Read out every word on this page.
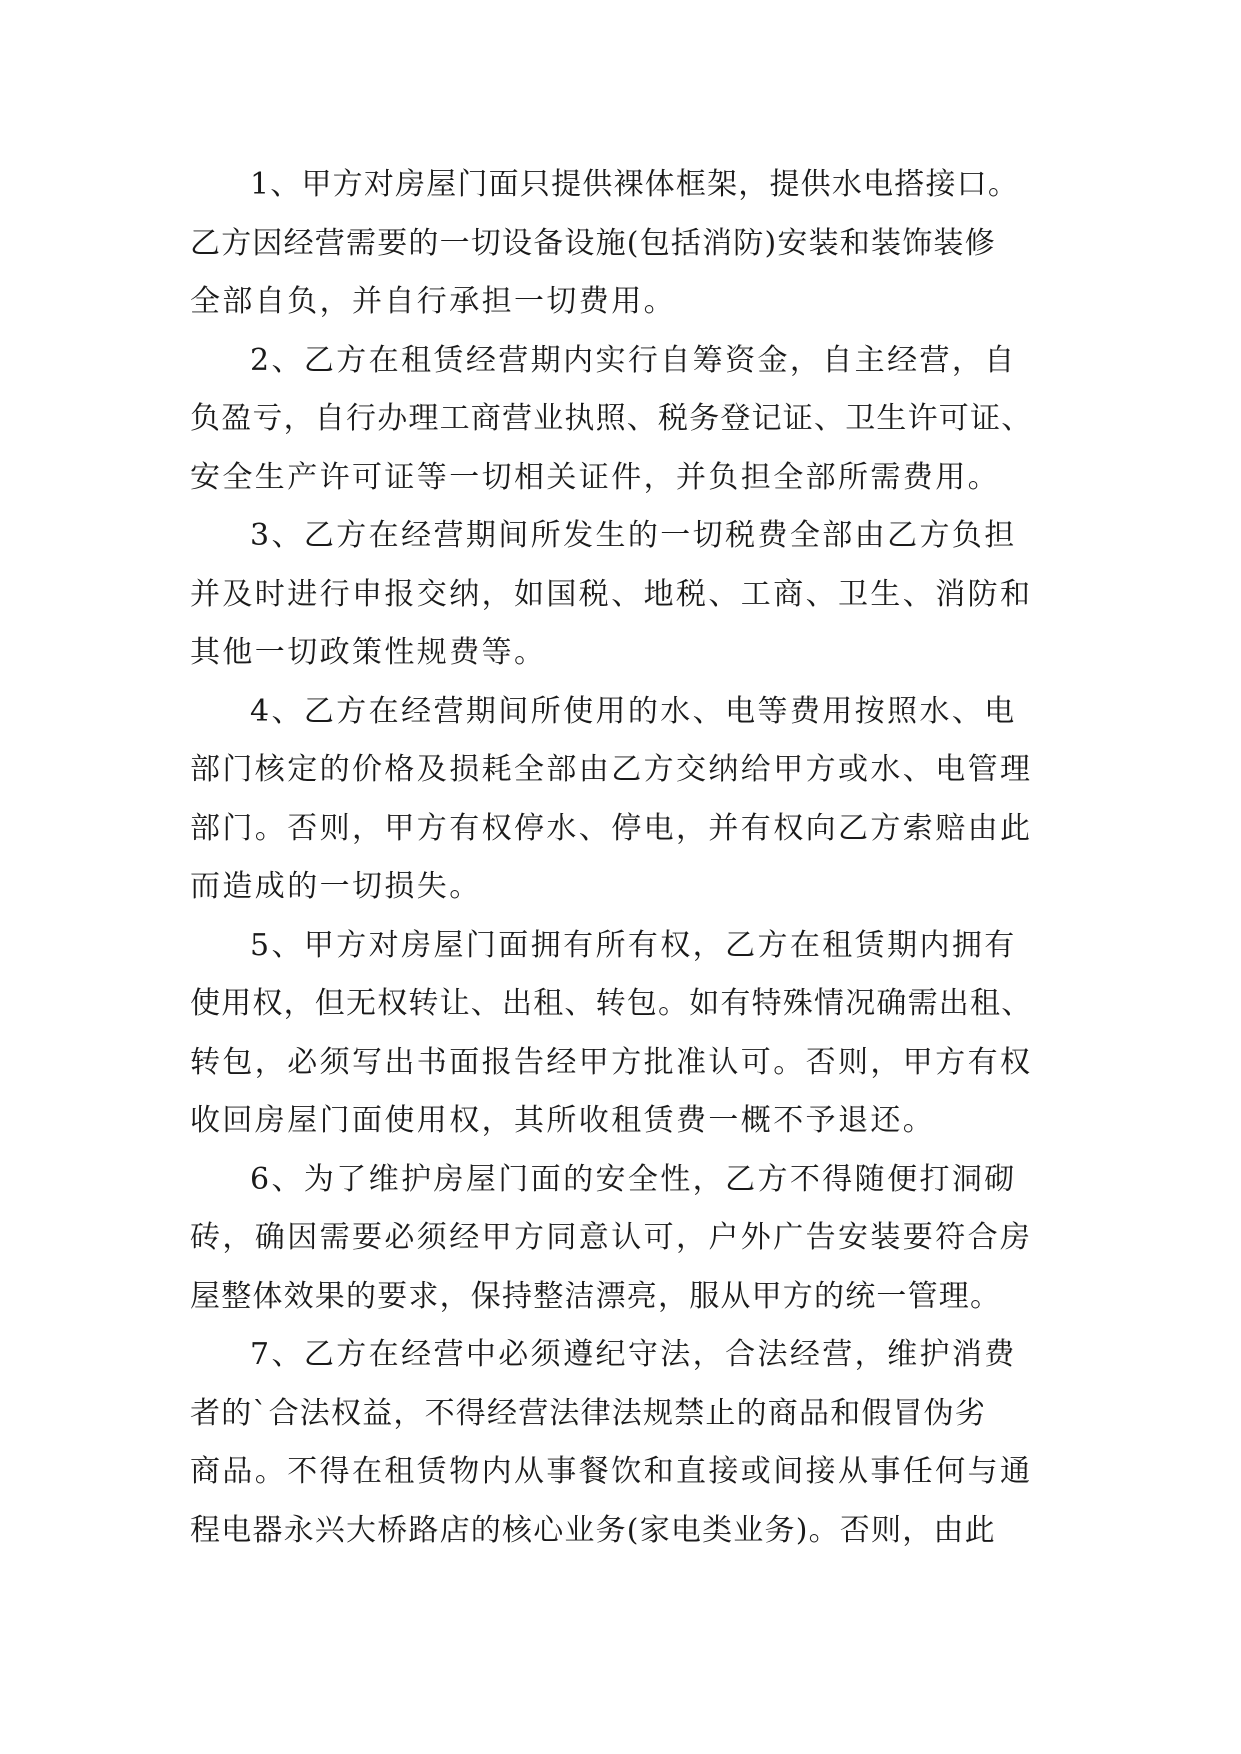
1、甲方对房屋门面只提供裸体框架，提供水电搭接口。
乙方因经营需要的一切设备设施(包括消防)安装和装饰装修
全部自负，并自行承担一切费用。
2、乙方在租赁经营期内实行自筹资金，自主经营，自
负盈亏，自行办理工商营业执照、税务登记证、卫生许可证、
安全生产许可证等一切相关证件，并负担全部所需费用。
3、乙方在经营期间所发生的一切税费全部由乙方负担
并及时进行申报交纳，如国税、地税、工商、卫生、消防和
其他一切政策性规费等。
4、乙方在经营期间所使用的水、电等费用按照水、电
部门核定的价格及损耗全部由乙方交纳给甲方或水、电管理
部门。否则，甲方有权停水、停电，并有权向乙方索赔由此
而造成的一切损失。
5、甲方对房屋门面拥有所有权，乙方在租赁期内拥有
使用权，但无权转让、出租、转包。如有特殊情况确需出租、
转包，必须写出书面报告经甲方批准认可。否则，甲方有权
收回房屋门面使用权，其所收租赁费一概不予退还。
6、为了维护房屋门面的安全性，乙方不得随便打洞砌
砖，确因需要必须经甲方同意认可，户外广告安装要符合房
屋整体效果的要求，保持整洁漂亮，服从甲方的统一管理。
7、乙方在经营中必须遵纪守法，合法经营，维护消费
者的`合法权益，不得经营法律法规禁止的商品和假冒伪劣
商品。不得在租赁物内从事餐饮和直接或间接从事任何与通
程电器永兴大桥路店的核心业务(家电类业务)。否则，由此
